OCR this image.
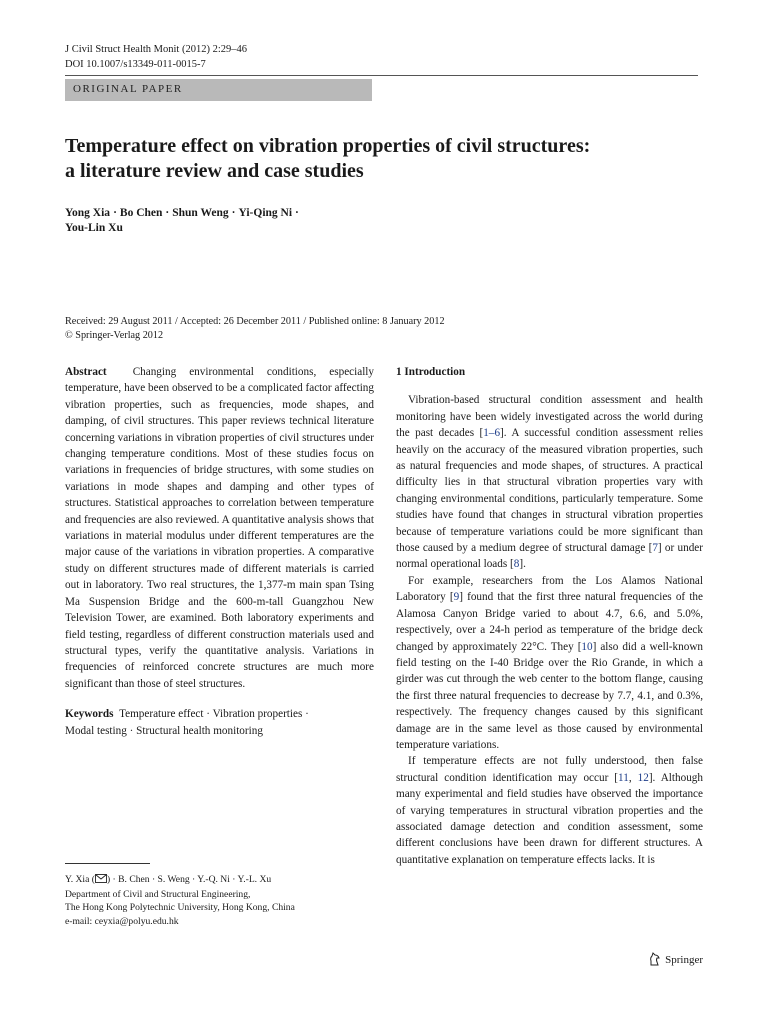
J Civil Struct Health Monit (2012) 2:29–46
DOI 10.1007/s13349-011-0015-7
ORIGINAL PAPER
Temperature effect on vibration properties of civil structures:
a literature review and case studies
Yong Xia · Bo Chen · Shun Weng · Yi-Qing Ni ·
You-Lin Xu
Received: 29 August 2011 / Accepted: 26 December 2011 / Published online: 8 January 2012
© Springer-Verlag 2012

Abstract Changing environmental conditions, especially temperature, have been observed to be a complicated factor affecting vibration properties, such as frequencies, mode shapes, and damping, of civil structures. This paper reviews technical literature concerning variations in vibration properties of civil structures under changing temperature conditions. Most of these studies focus on variations in frequencies of bridge structures, with some studies on variations in mode shapes and damping and other types of structures. Statistical approaches to correlation between temperature and frequencies are also reviewed. A quantitative analysis shows that variations in material modulus under different temperatures are the major cause of the variations in vibration properties. A comparative study on different structures made of different materials is carried out in laboratory. Two real structures, the 1,377-m main span Tsing Ma Suspension Bridge and the 600-m-tall Guangzhou New Television Tower, are examined. Both laboratory experiments and field testing, regardless of different construction materials used and structural types, verify the quantitative analysis. Variations in frequencies of reinforced concrete structures are much more significant than those of steel structures.

Keywords Temperature effect · Vibration properties ·
Modal testing · Structural health monitoring

Y. Xia ( ) · B. Chen · S. Weng · Y.-Q. Ni · Y.-L. Xu
Department of Civil and Structural Engineering,
The Hong Kong Polytechnic University, Hong Kong, China
e-mail: ceyxia@polyu.edu.hk

1 Introduction

Vibration-based structural condition assessment and health monitoring have been widely investigated across the world during the past decades [1–6]. A successful condition assessment relies heavily on the accuracy of the measured vibration properties, such as natural frequencies and mode shapes, of structures. A practical difficulty lies in that structural vibration properties vary with changing environmental conditions, particularly temperature. Some studies have found that changes in structural vibration properties because of temperature variations could be more significant than those caused by a medium degree of structural damage [7] or under normal operational loads [8].

For example, researchers from the Los Alamos National Laboratory [9] found that the first three natural frequencies of the Alamosa Canyon Bridge varied to about 4.7, 6.6, and 5.0%, respectively, over a 24-h period as temperature of the bridge deck changed by approximately 22°C. They [10] also did a well-known field testing on the I-40 Bridge over the Rio Grande, in which a girder was cut through the web center to the bottom flange, causing the first three natural frequencies to decrease by 7.7, 4.1, and 0.3%, respectively. The frequency changes caused by this significant damage are in the same level as those caused by environmental temperature variations.

If temperature effects are not fully understood, then false structural condition identification may occur [11, 12]. Although many experimental and field studies have observed the importance of varying temperatures in structural vibration properties and the associated damage detection and condition assessment, some different conclusions have been drawn for different structures. A quantitative explanation on temperature effects lacks. It is

Springer
